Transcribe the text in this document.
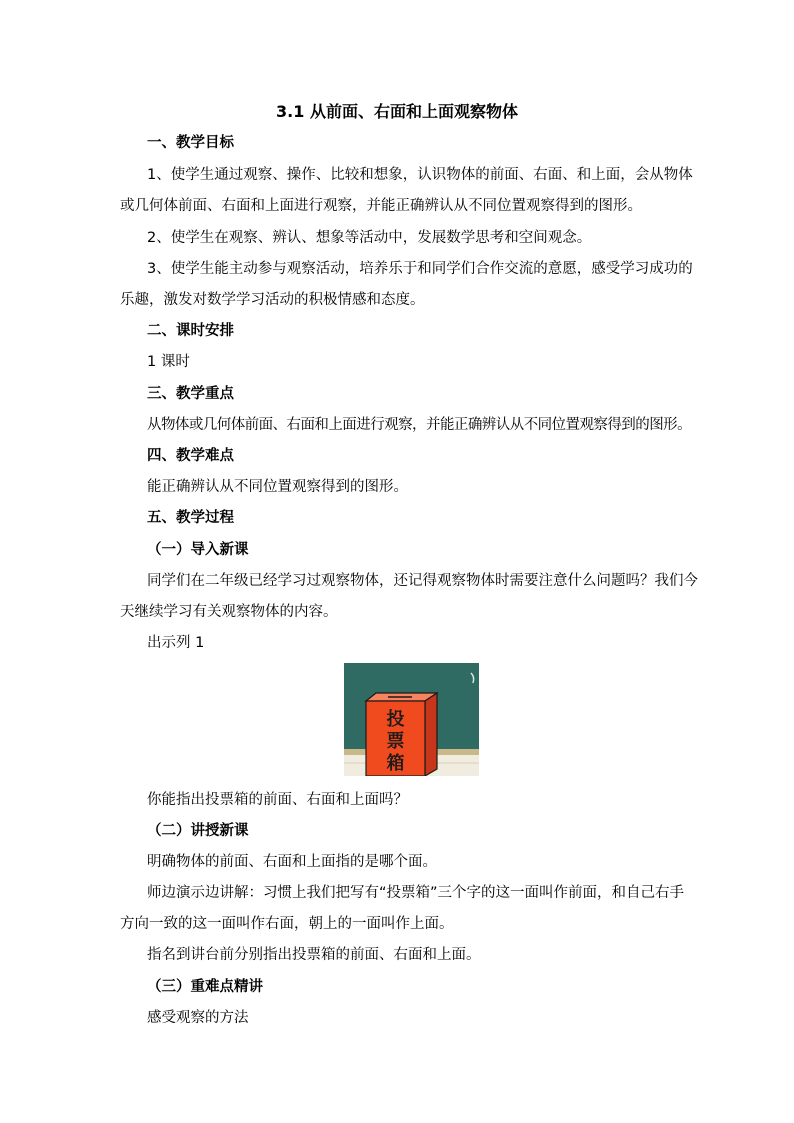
3.1 从前面、右面和上面观察物体
一、教学目标
1、使学生通过观察、操作、比较和想象，认识物体的前面、右面、和上面，会从物体
或几何体前面、右面和上面进行观察，并能正确辨认从不同位置观察得到的图形。
2、使学生在观察、辨认、想象等活动中，发展数学思考和空间观念。
3、使学生能主动参与观察活动，培养乐于和同学们合作交流的意愿，感受学习成功的
乐趣，激发对数学学习活动的积极情感和态度。
二、课时安排
1 课时
三、教学重点
从物体或几何体前面、右面和上面进行观察，并能正确辨认从不同位置观察得到的图形。
四、教学难点
能正确辨认从不同位置观察得到的图形。
五、教学过程
（一）导入新课
同学们在二年级已经学习过观察物体，还记得观察物体时需要注意什么问题吗？我们今
天继续学习有关观察物体的内容。
出示列 1
投
票
箱
你能指出投票箱的前面、右面和上面吗？
（二）讲授新课
明确物体的前面、右面和上面指的是哪个面。
师边演示边讲解：习惯上我们把写有“投票箱”三个字的这一面叫作前面，和自己右手
方向一致的这一面叫作右面，朝上的一面叫作上面。
指名到讲台前分别指出投票箱的前面、右面和上面。
（三）重难点精讲
感受观察的方法
